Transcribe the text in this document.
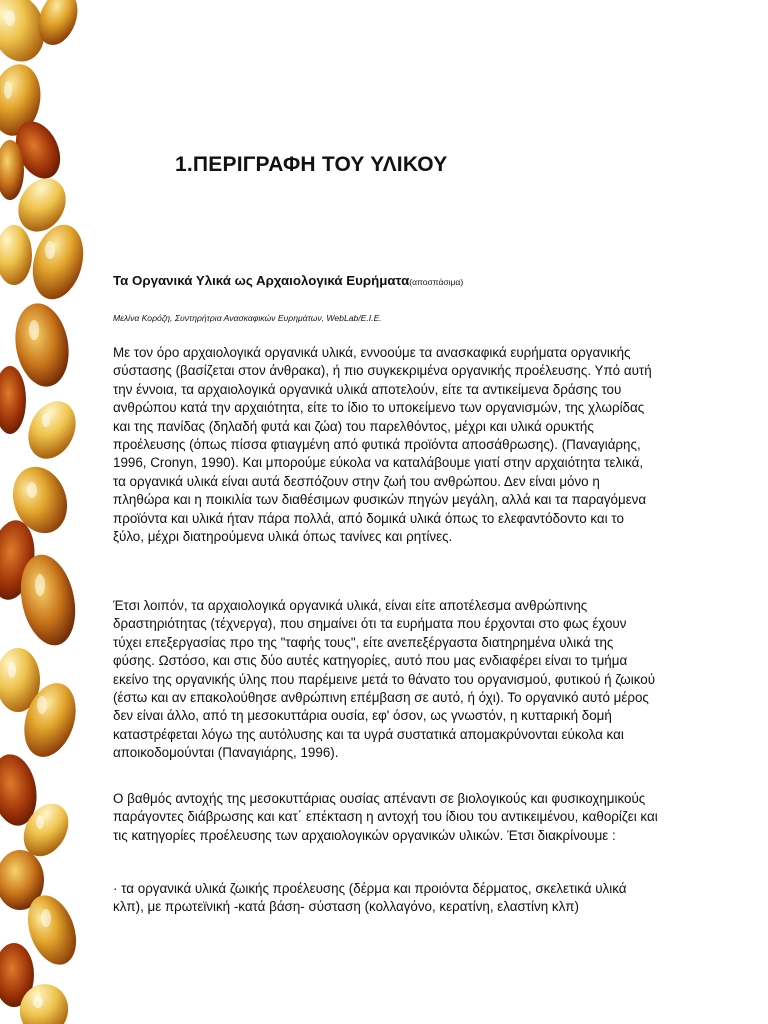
1.ΠΕΡΙΓΡΑΦΗ ΤΟΥ ΥΛΙΚΟΥ

Τα Οργανικά Υλικά ως Αρχαιολογικά Ευρήματα(αποσπάσιμα)

Μελίνα Κορόζη, Συντηρήτρια Ανασκαφικών Ευρημάτων, WebLab/E.I.E.

Με τον όρο αρχαιολογικά οργανικά υλικά, εννοούμε τα ανασκαφικά ευρήματα οργανικής σύστασης (βασίζεται στον άνθρακα), ή πιο συγκεκριμένα οργανικής προέλευσης. Υπό αυτή την έννοια, τα αρχαιολογικά οργανικά υλικά αποτελούν, είτε τα αντικείμενα δράσης του ανθρώπου κατά την αρχαιότητα, είτε το ίδιο το υποκείμενο των οργανισμών, της χλωρίδας και της πανίδας (δηλαδή φυτά και ζώα) του παρελθόντος, μέχρι και υλικά ορυκτής προέλευσης (όπως πίσσα φτιαγμένη από φυτικά προϊόντα αποσάθρωσης). (Παναγιάρης, 1996, Cronyn, 1990). Και μπορούμε εύκολα να καταλάβουμε γιατί στην αρχαιότητα τελικά, τα οργανικά υλικά είναι αυτά δεσπόζουν στην ζωή του ανθρώπου. Δεν είναι μόνο η πληθώρα και η ποικιλία των διαθέσιμων φυσικών πηγών μεγάλη, αλλά και τα παραγόμενα προϊόντα και υλικά ήταν πάρα πολλά, από δομικά υλικά όπως το ελεφαντόδοντο και το ξύλο, μέχρι διατηρούμενα υλικά όπως τανίνες και ρητίνες.

Έτσι λοιπόν, τα αρχαιολογικά οργανικά υλικά, είναι είτε αποτέλεσμα ανθρώπινης δραστηριότητας (τέχνεργα), που σημαίνει ότι τα ευρήματα που έρχονται στο φως έχουν τύχει επεξεργασίας προ της "ταφής τους", είτε ανεπεξέργαστα διατηρημένα υλικά της φύσης. Ωστόσο, και στις δύο αυτές κατηγορίες, αυτό που μας ενδιαφέρει είναι το τμήμα εκείνο της οργανικής ύλης που παρέμεινε μετά το θάνατο του οργανισμού, φυτικού ή ζωικού (έστω και αν επακολούθησε ανθρώπινη επέμβαση σε αυτό, ή όχι). Το οργανικό αυτό μέρος δεν είναι άλλο, από τη μεσοκυττάρια ουσία, εφ' όσον, ως γνωστόν, η κυτταρική δομή καταστρέφεται λόγω της αυτόλυσης και τα υγρά συστατικά απομακρύνονται εύκολα και αποικοδομούνται (Παναγιάρης, 1996).

Ο βαθμός αντοχής της μεσοκυττάριας ουσίας απέναντι σε βιολογικούς και φυσικοχημικούς παράγοντες διάβρωσης και κατ΄ επέκταση η αντοχή του ίδιου του αντικειμένου, καθορίζει και τις κατηγορίες προέλευσης των αρχαιολογικών οργανικών υλικών. Έτσι διακρίνουμε :

· τα οργανικά υλικά ζωικής προέλευσης (δέρμα και προιόντα δέρματος, σκελετικά υλικά κλπ), με πρωτεϊνική -κατά βάση- σύσταση (κολλαγόνο, κερατίνη, ελαστίνη κλπ)
